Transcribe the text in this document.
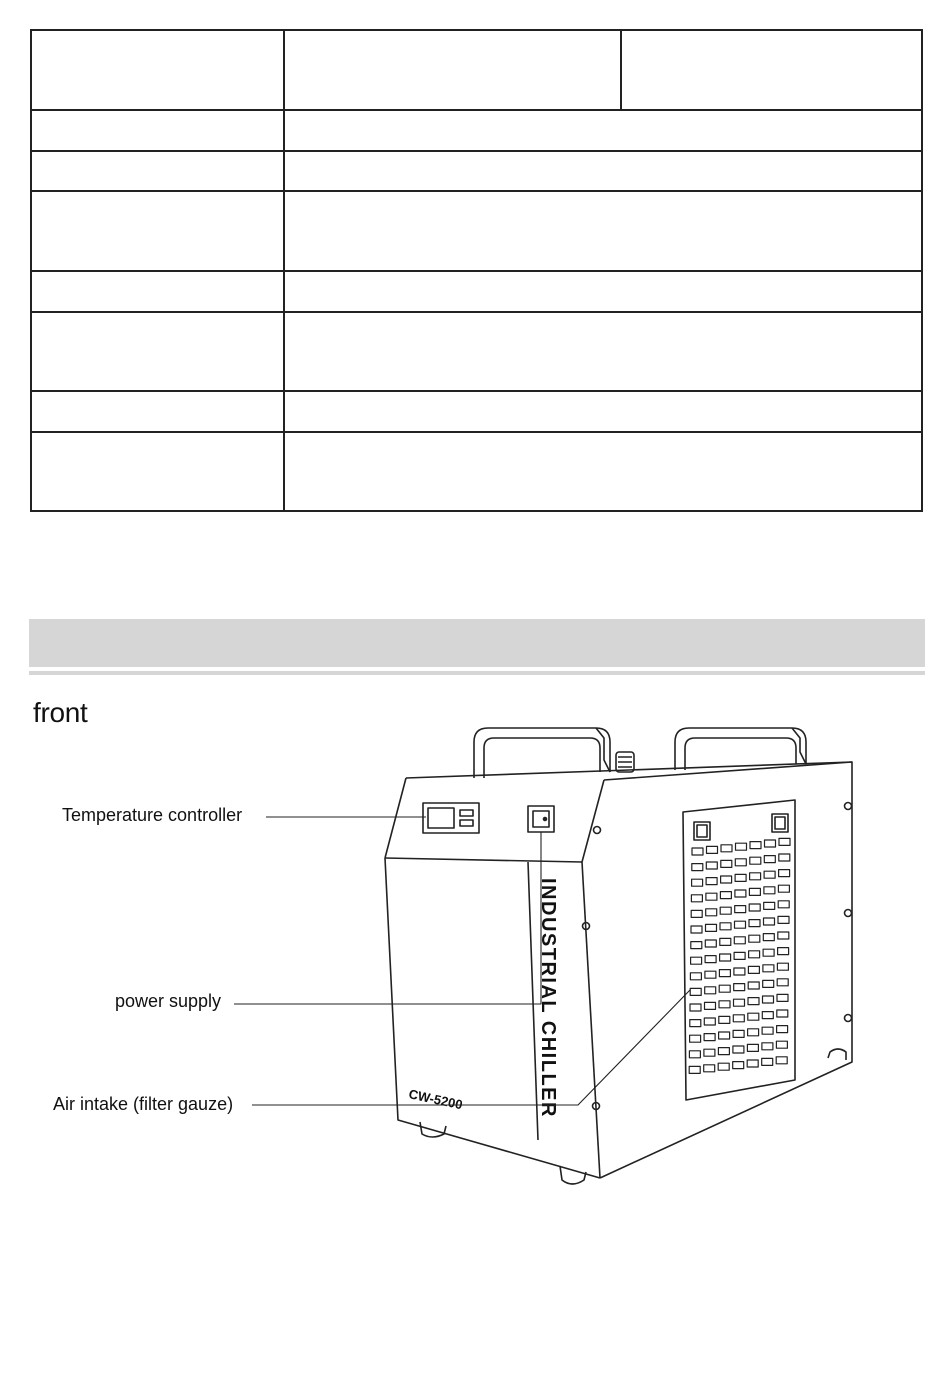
front
Temperature controller
power supply
Air intake (filter gauze)	INDUSTRIAL CHILLER
CW-5200
